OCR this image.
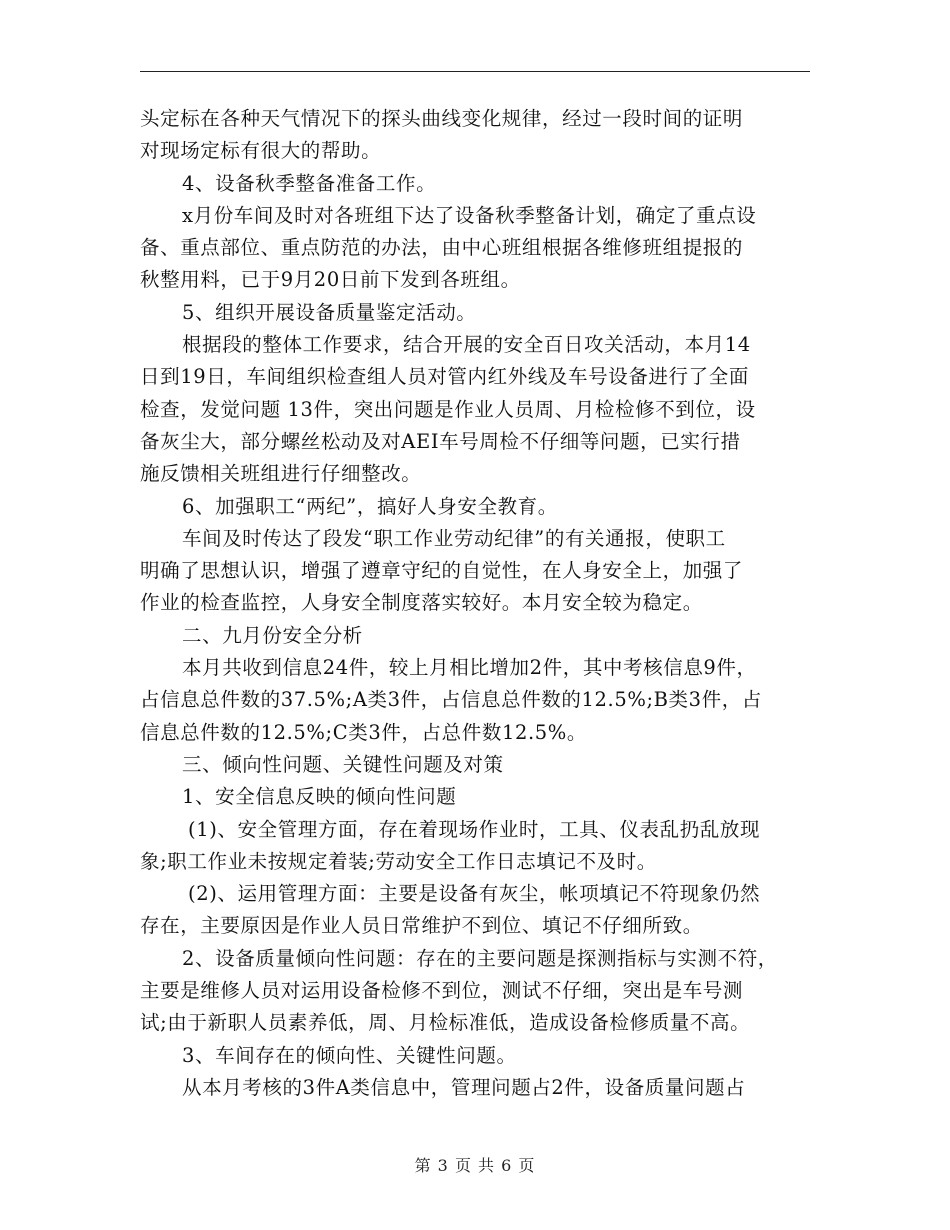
头定标在各种天气情况下的探头曲线变化规律，经过一段时间的证明
对现场定标有很大的帮助。
4、设备秋季整备准备工作。
x月份车间及时对各班组下达了设备秋季整备计划，确定了重点设
备、重点部位、重点防范的办法，由中心班组根据各维修班组提报的
秋整用料，已于9月20日前下发到各班组。
5、组织开展设备质量鉴定活动。
根据段的整体工作要求，结合开展的安全百日攻关活动，本月14
日到19日，车间组织检查组人员对管内红外线及车号设备进行了全面
检查，发觉问题 13件，突出问题是作业人员周、月检检修不到位，设
备灰尘大，部分螺丝松动及对AEI车号周检不仔细等问题，已实行措
施反馈相关班组进行仔细整改。
6、加强职工“两纪”，搞好人身安全教育。
车间及时传达了段发“职工作业劳动纪律”的有关通报，使职工
明确了思想认识，增强了遵章守纪的自觉性，在人身安全上，加强了
作业的检查监控，人身安全制度落实较好。本月安全较为稳定。
二、九月份安全分析
本月共收到信息24件，较上月相比增加2件，其中考核信息9件，
占信息总件数的37.5%;A类3件，占信息总件数的12.5%;B类3件，占
信息总件数的12.5%;C类3件，占总件数12.5%。
三、倾向性问题、关键性问题及对策
1、安全信息反映的倾向性问题
(1)、安全管理方面，存在着现场作业时，工具、仪表乱扔乱放现
象;职工作业未按规定着装;劳动安全工作日志填记不及时。
(2)、运用管理方面：主要是设备有灰尘，帐项填记不符现象仍然
存在，主要原因是作业人员日常维护不到位、填记不仔细所致。
2、设备质量倾向性问题：存在的主要问题是探测指标与实测不符，
主要是维修人员对运用设备检修不到位，测试不仔细，突出是车号测
试;由于新职人员素养低，周、月检标准低，造成设备检修质量不高。
3、车间存在的倾向性、关键性问题。
从本月考核的3件A类信息中，管理问题占2件，设备质量问题占
第 3 页 共 6 页
